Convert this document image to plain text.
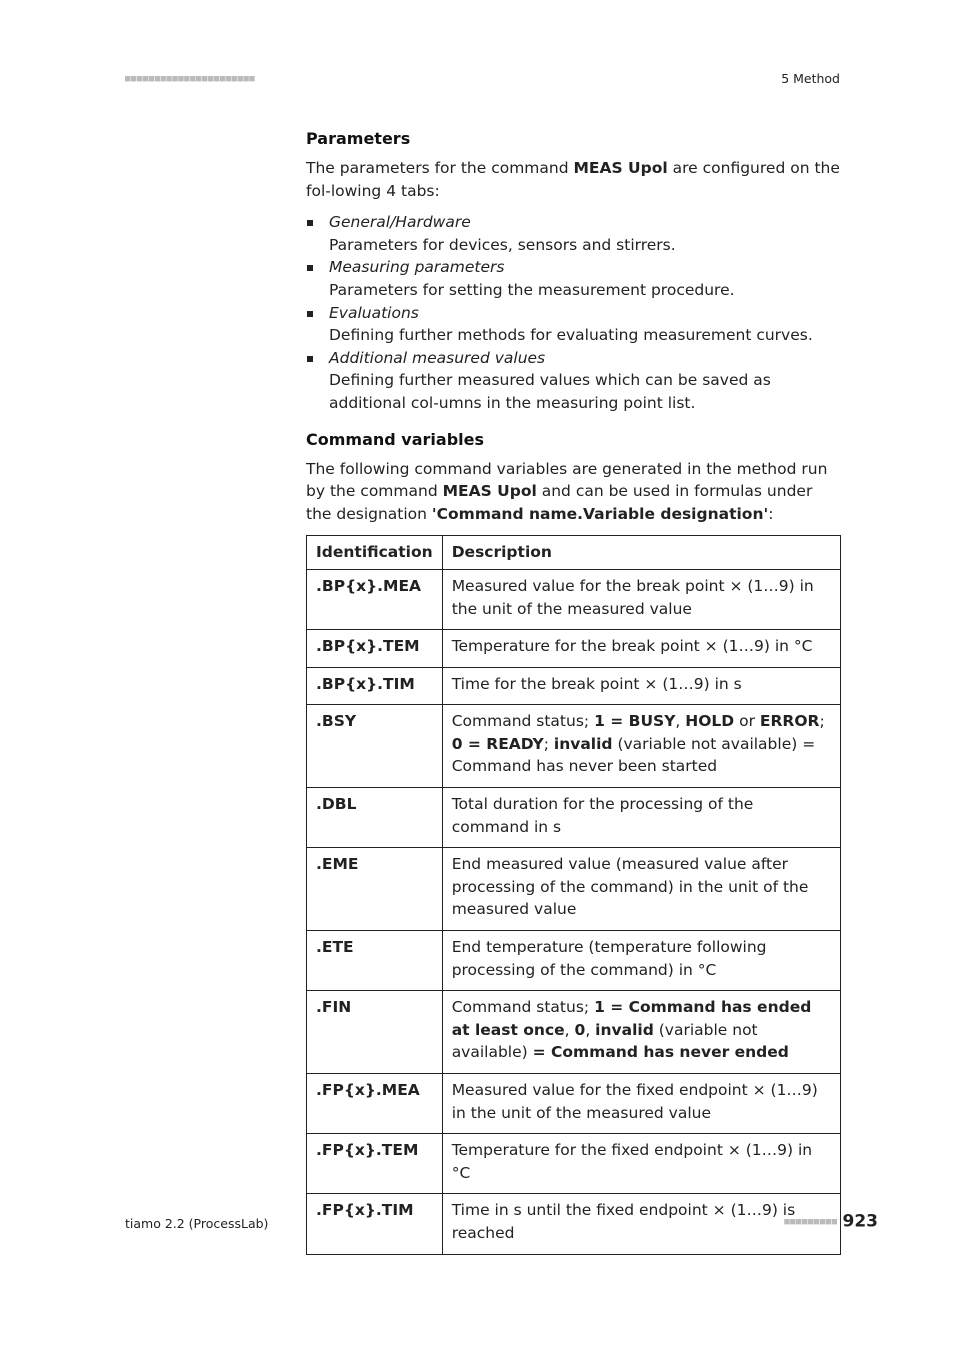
■■■■■■■■■■■■■■■■■■■■■■	5 Method
Parameters

The parameters for the command MEAS Upol are configured on the fol-lowing 4 tabs:

General/Hardware
Parameters for devices, sensors and stirrers.
Measuring parameters
Parameters for setting the measurement procedure.
Evaluations
Defining further methods for evaluating measurement curves.
Additional measured values
Defining further measured values which can be saved as additional col-umns in the measuring point list.
Command variables

The following command variables are generated in the method run by the command MEAS Upol and can be used in formulas under the designation 'Command name.Variable designation':

Identification	Description
.BP{x}.MEA	Measured value for the break point × (1…9) in the unit of the measured value
.BP{x}.TEM	Temperature for the break point × (1…9) in °C
.BP{x}.TIM	Time for the break point × (1…9) in s
.BSY	Command status; 1 = BUSY, HOLD or ERROR; 0 = READY; invalid (variable not available) = Command has never been started
.DBL	Total duration for the processing of the command in s
.EME	End measured value (measured value after processing of the command) in the unit of the measured value
.ETE	End temperature (temperature following processing of the command) in °C
.FIN	Command status; 1 = Command has ended at least once, 0, invalid (variable not available) = Command has never ended
.FP{x}.MEA	Measured value for the fixed endpoint × (1…9) in the unit of the measured value
.FP{x}.TEM	Temperature for the fixed endpoint × (1…9) in °C
.FP{x}.TIM	Time in s until the fixed endpoint × (1…9) is reached
tiamo 2.2 (ProcessLab)	■■■■■■■■■ 923
